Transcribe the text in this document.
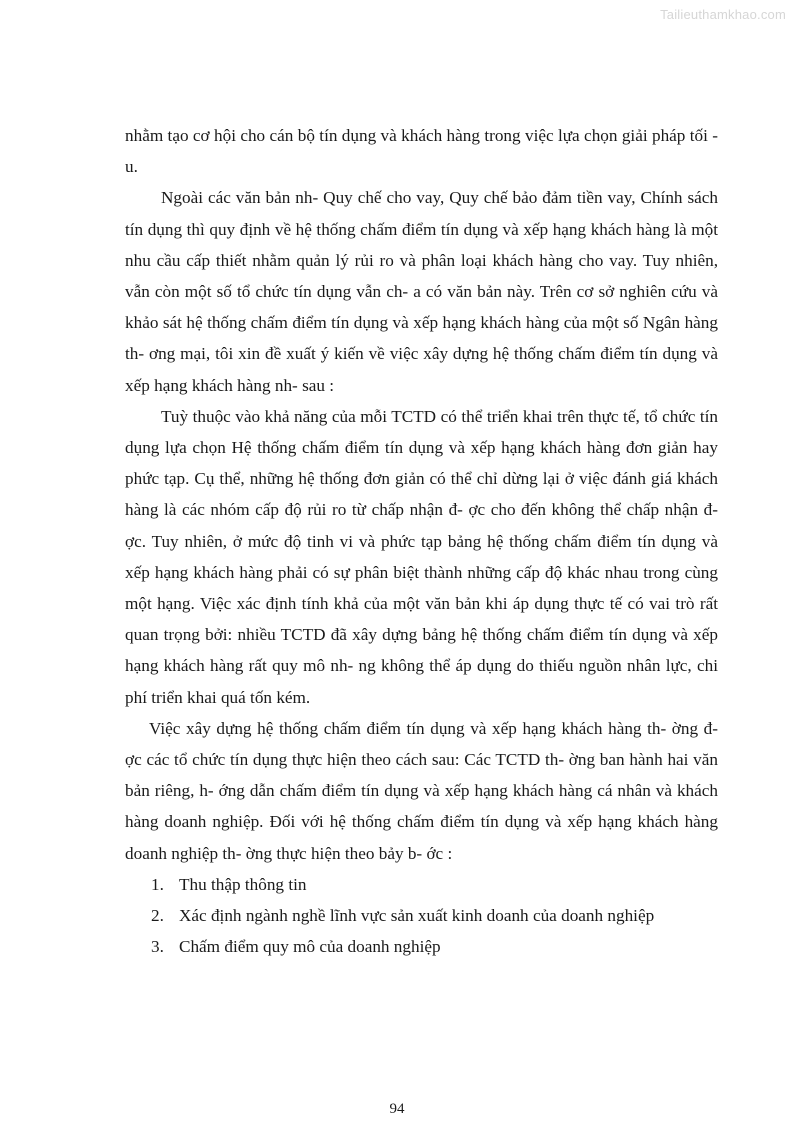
Tailieuthamkhao.com

nhằm tạo cơ hội cho cán bộ tín dụng và khách hàng trong việc lựa chọn giải pháp tối - u.

Ngoài các văn bản nh- Quy chế cho vay, Quy chế bảo đảm tiền vay, Chính sách tín dụng thì quy định về hệ thống chấm điểm tín dụng và xếp hạng khách hàng là một nhu cầu cấp thiết nhằm quản lý rủi ro và phân loại khách hàng cho vay. Tuy nhiên, vẫn còn một số tổ chức tín dụng vẫn ch- a có văn bản này. Trên cơ sở nghiên cứu và khảo sát hệ thống chấm điểm tín dụng và xếp hạng khách hàng của một số Ngân hàng th- ơng mại, tôi xin đề xuất ý kiến về việc xây dựng hệ thống chấm điểm tín dụng và xếp hạng khách hàng nh- sau :

Tuỳ thuộc vào khả năng của mỗi TCTD có thể triển khai trên thực tế, tổ chức tín dụng lựa chọn Hệ thống chấm điểm tín dụng và xếp hạng khách hàng đơn giản hay phức tạp. Cụ thể, những hệ thống đơn giản có thể chỉ dừng lại ở việc đánh giá khách hàng là các nhóm cấp độ rủi ro từ chấp nhận đ- ợc cho đến không thể chấp nhận đ- ợc. Tuy nhiên, ở mức độ tinh vi và phức tạp bảng hệ thống chấm điểm tín dụng và xếp hạng khách hàng phải có sự phân biệt thành những cấp độ khác nhau trong cùng một hạng. Việc xác định tính khả của một văn bản khi áp dụng thực tế có vai trò rất quan trọng bởi: nhiều TCTD đã xây dựng bảng hệ thống chấm điểm tín dụng và xếp hạng khách hàng rất quy mô nh- ng không thể áp dụng do thiếu nguồn nhân lực, chi phí triển khai quá tốn kém.

Việc xây dựng hệ thống chấm điểm tín dụng và xếp hạng khách hàng th- ờng đ- ợc các tổ chức tín dụng thực hiện theo cách sau: Các TCTD th- ờng ban hành hai văn bản riêng, h- ớng dẫn chấm điểm tín dụng và xếp hạng khách hàng cá nhân và khách hàng doanh nghiệp. Đối với hệ thống chấm điểm tín dụng và xếp hạng khách hàng doanh nghiệp th- ờng thực hiện theo bảy b- ớc :

1. Thu thập thông tin
2. Xác định ngành nghề lĩnh vực sản xuất kinh doanh của doanh nghiệp
3. Chấm điểm quy mô của doanh nghiệp
94
